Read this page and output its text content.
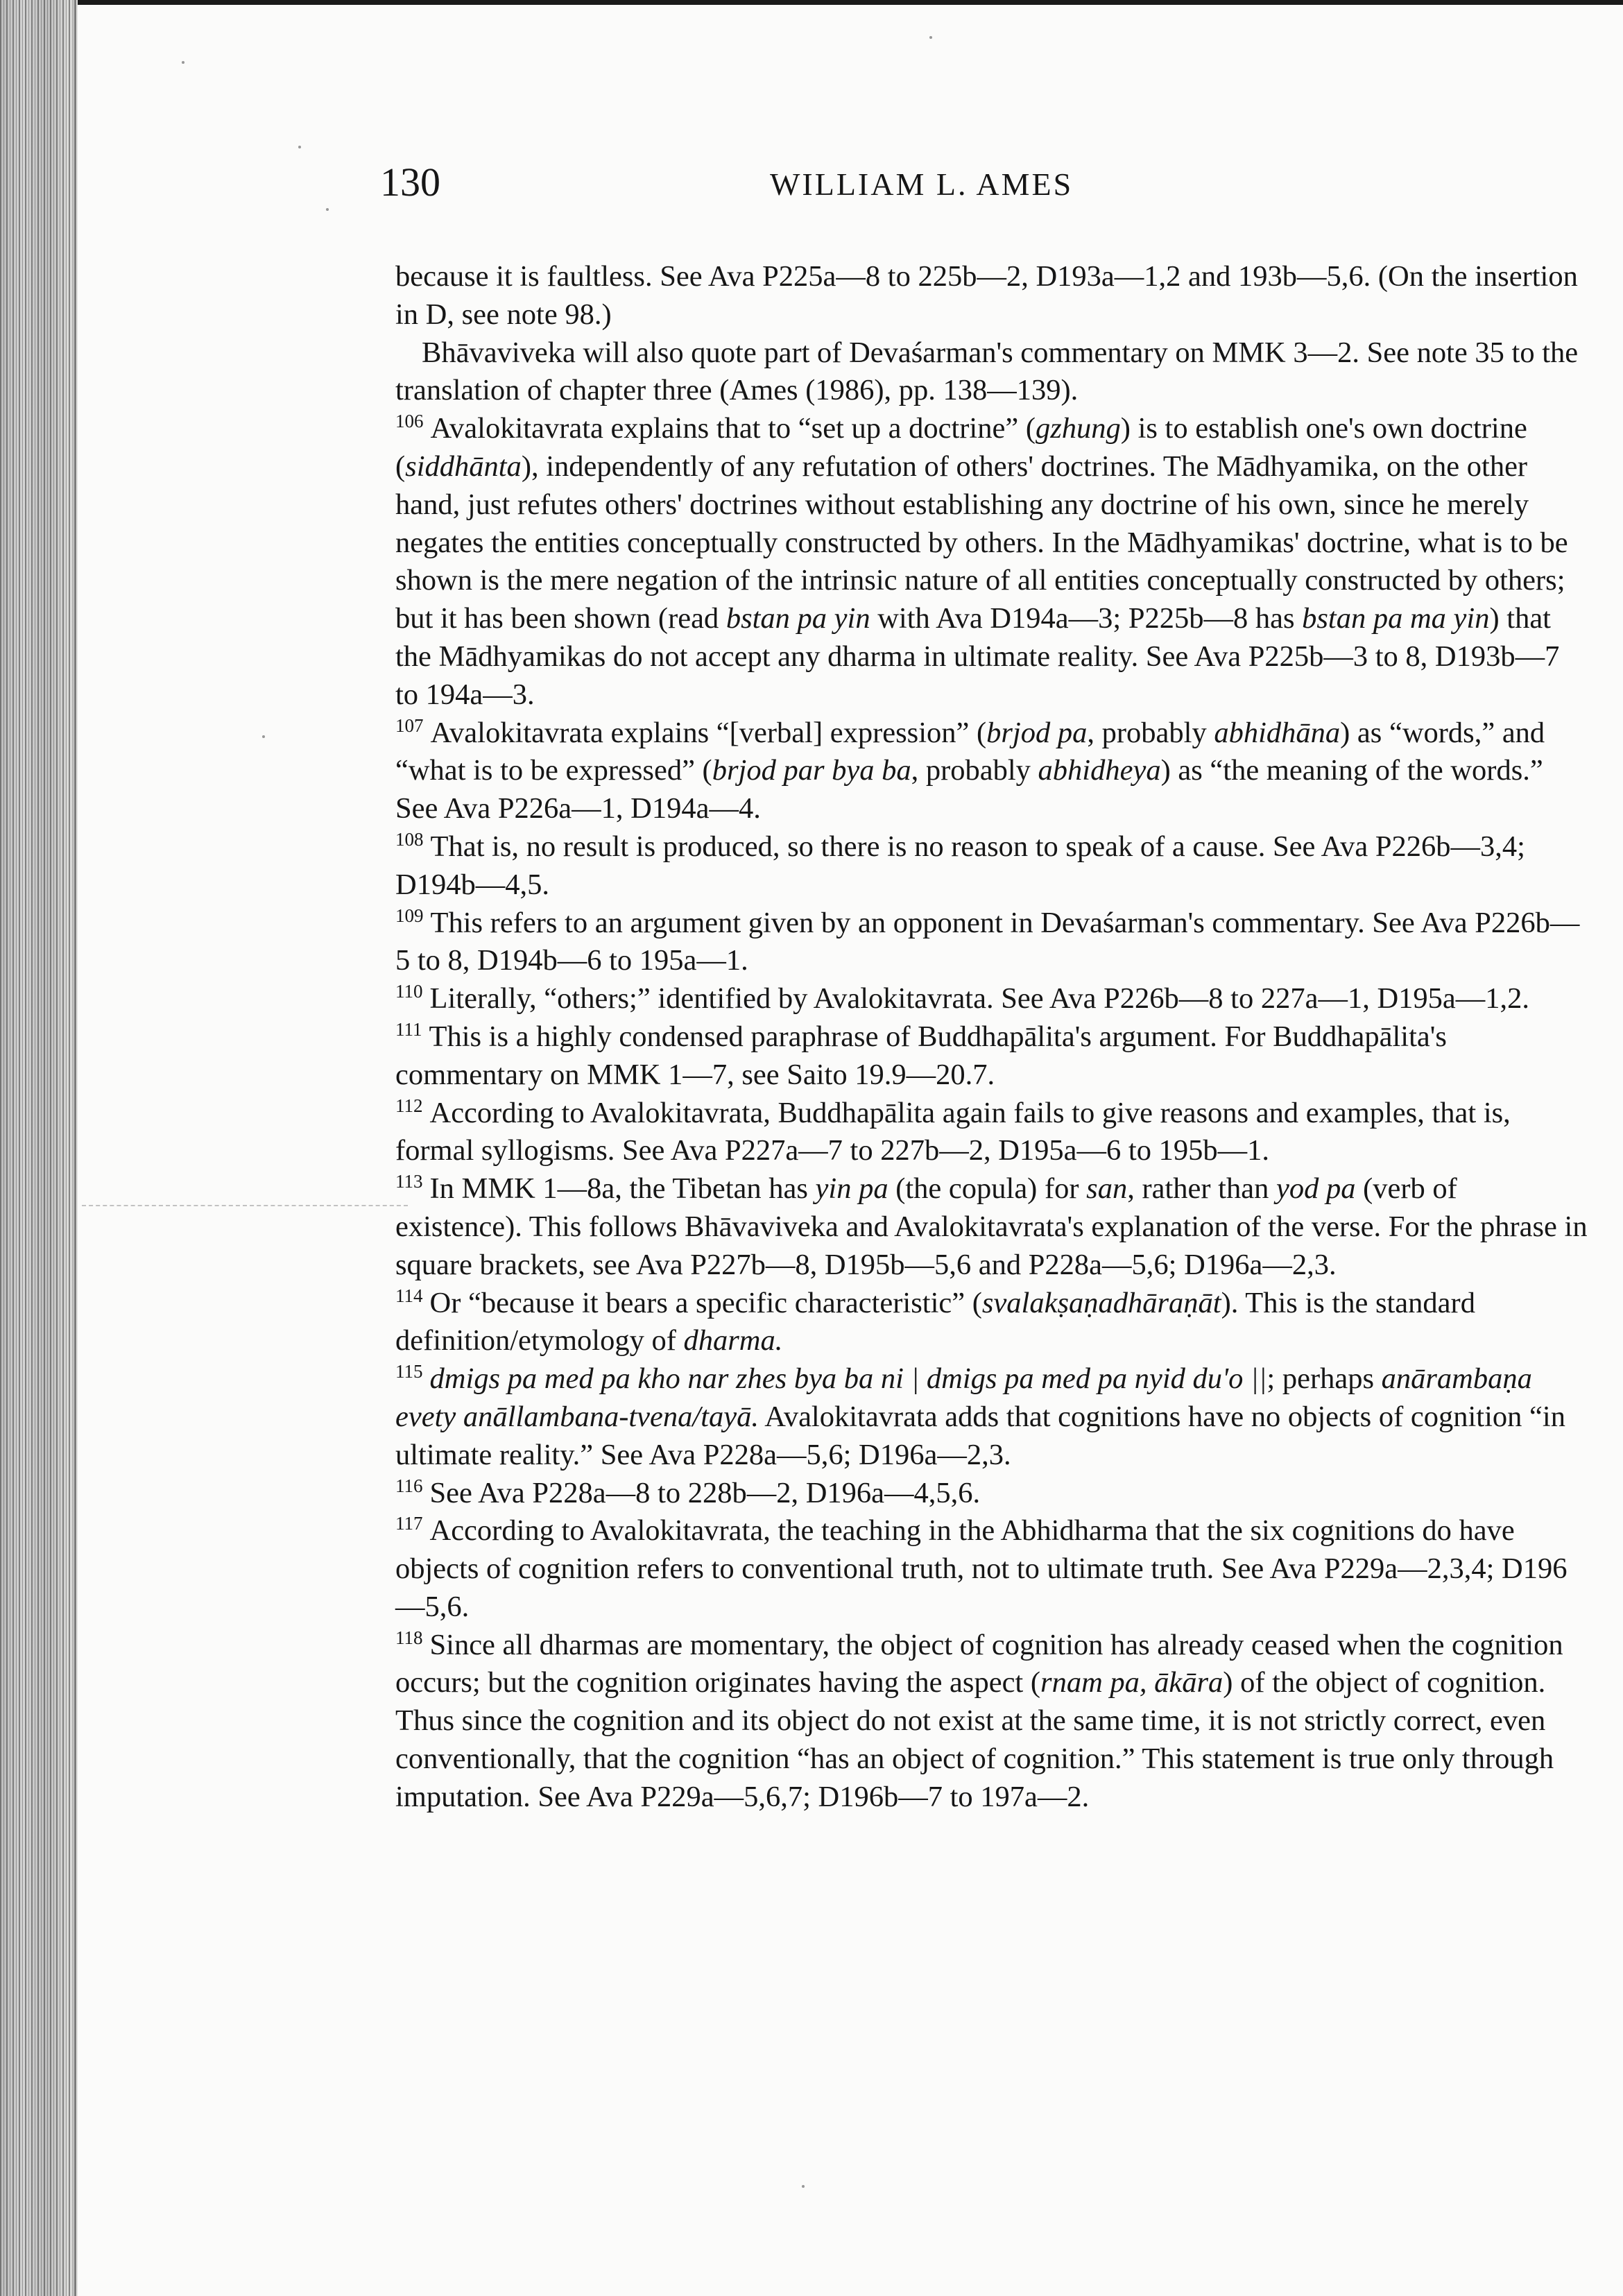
130	WILLIAM L. AMES

because it is faultless. See Ava P225a—8 to 225b—2, D193a—1,2 and 193b—5,6. (On the insertion in D, see note 98.)

Bhāvaviveka will also quote part of Devaśarman's commentary on MMK 3—2. See note 35 to the translation of chapter three (Ames (1986), pp. 138—139).

$^{106}$ Avalokitavrata explains that to “set up a doctrine” (gzhung) is to establish one's own doctrine (siddhānta), independently of any refutation of others' doctrines. The Mādhyamika, on the other hand, just refutes others' doctrines without establishing any doctrine of his own, since he merely negates the entities conceptually constructed by others. In the Mādhyamikas' doctrine, what is to be shown is the mere negation of the intrinsic nature of all entities conceptually constructed by others; but it has been shown (read bstan pa yin with Ava D194a—3; P225b—8 has bstan pa ma yin) that the Mādhyamikas do not accept any dharma in ultimate reality. See Ava P225b—3 to 8, D193b—7 to 194a—3.

$^{107}$ Avalokitavrata explains “[verbal] expression” (brjod pa, probably abhidhāna) as “words,” and “what is to be expressed” (brjod par bya ba, probably abhidheya) as “the meaning of the words.” See Ava P226a—1, D194a—4.

$^{108}$ That is, no result is produced, so there is no reason to speak of a cause. See Ava P226b—3,4; D194b—4,5.

$^{109}$ This refers to an argument given by an opponent in Devaśarman's commentary. See Ava P226b—5 to 8, D194b—6 to 195a—1.

$^{110}$ Literally, “others;” identified by Avalokitavrata. See Ava P226b—8 to 227a—1, D195a—1,2.

$^{111}$ This is a highly condensed paraphrase of Buddhapālita's argument. For Buddhapālita's commentary on MMK 1—7, see Saito 19.9—20.7.

$^{112}$ According to Avalokitavrata, Buddhapālita again fails to give reasons and examples, that is, formal syllogisms. See Ava P227a—7 to 227b—2, D195a—6 to 195b—1.

$^{113}$ In MMK 1—8a, the Tibetan has yin pa (the copula) for san, rather than yod pa (verb of existence). This follows Bhāvaviveka and Avalokitavrata's explanation of the verse. For the phrase in square brackets, see Ava P227b—8, D195b—5,6 and P228a—5,6; D196a—2,3.

$^{114}$ Or “because it bears a specific characteristic” (svalakṣaṇadhāraṇāt). This is the standard definition/etymology of dharma.

$^{115}$ dmigs pa med pa kho nar zhes bya ba ni | dmigs pa med pa nyid du'o ||; perhaps anārambaṇa evety anāllambana-tvena/tayā. Avalokitavrata adds that cognitions have no objects of cognition “in ultimate reality.” See Ava P228a—5,6; D196a—2,3.

$^{116}$ See Ava P228a—8 to 228b—2, D196a—4,5,6.

$^{117}$ According to Avalokitavrata, the teaching in the Abhidharma that the six cognitions do have objects of cognition refers to conventional truth, not to ultimate truth. See Ava P229a—2,3,4; D196—5,6.

$^{118}$ Since all dharmas are momentary, the object of cognition has already ceased when the cognition occurs; but the cognition originates having the aspect (rnam pa, ākāra) of the object of cognition. Thus since the cognition and its object do not exist at the same time, it is not strictly correct, even conventionally, that the cognition “has an object of cognition.” This statement is true only through imputation. See Ava P229a—5,6,7; D196b—7 to 197a—2.
